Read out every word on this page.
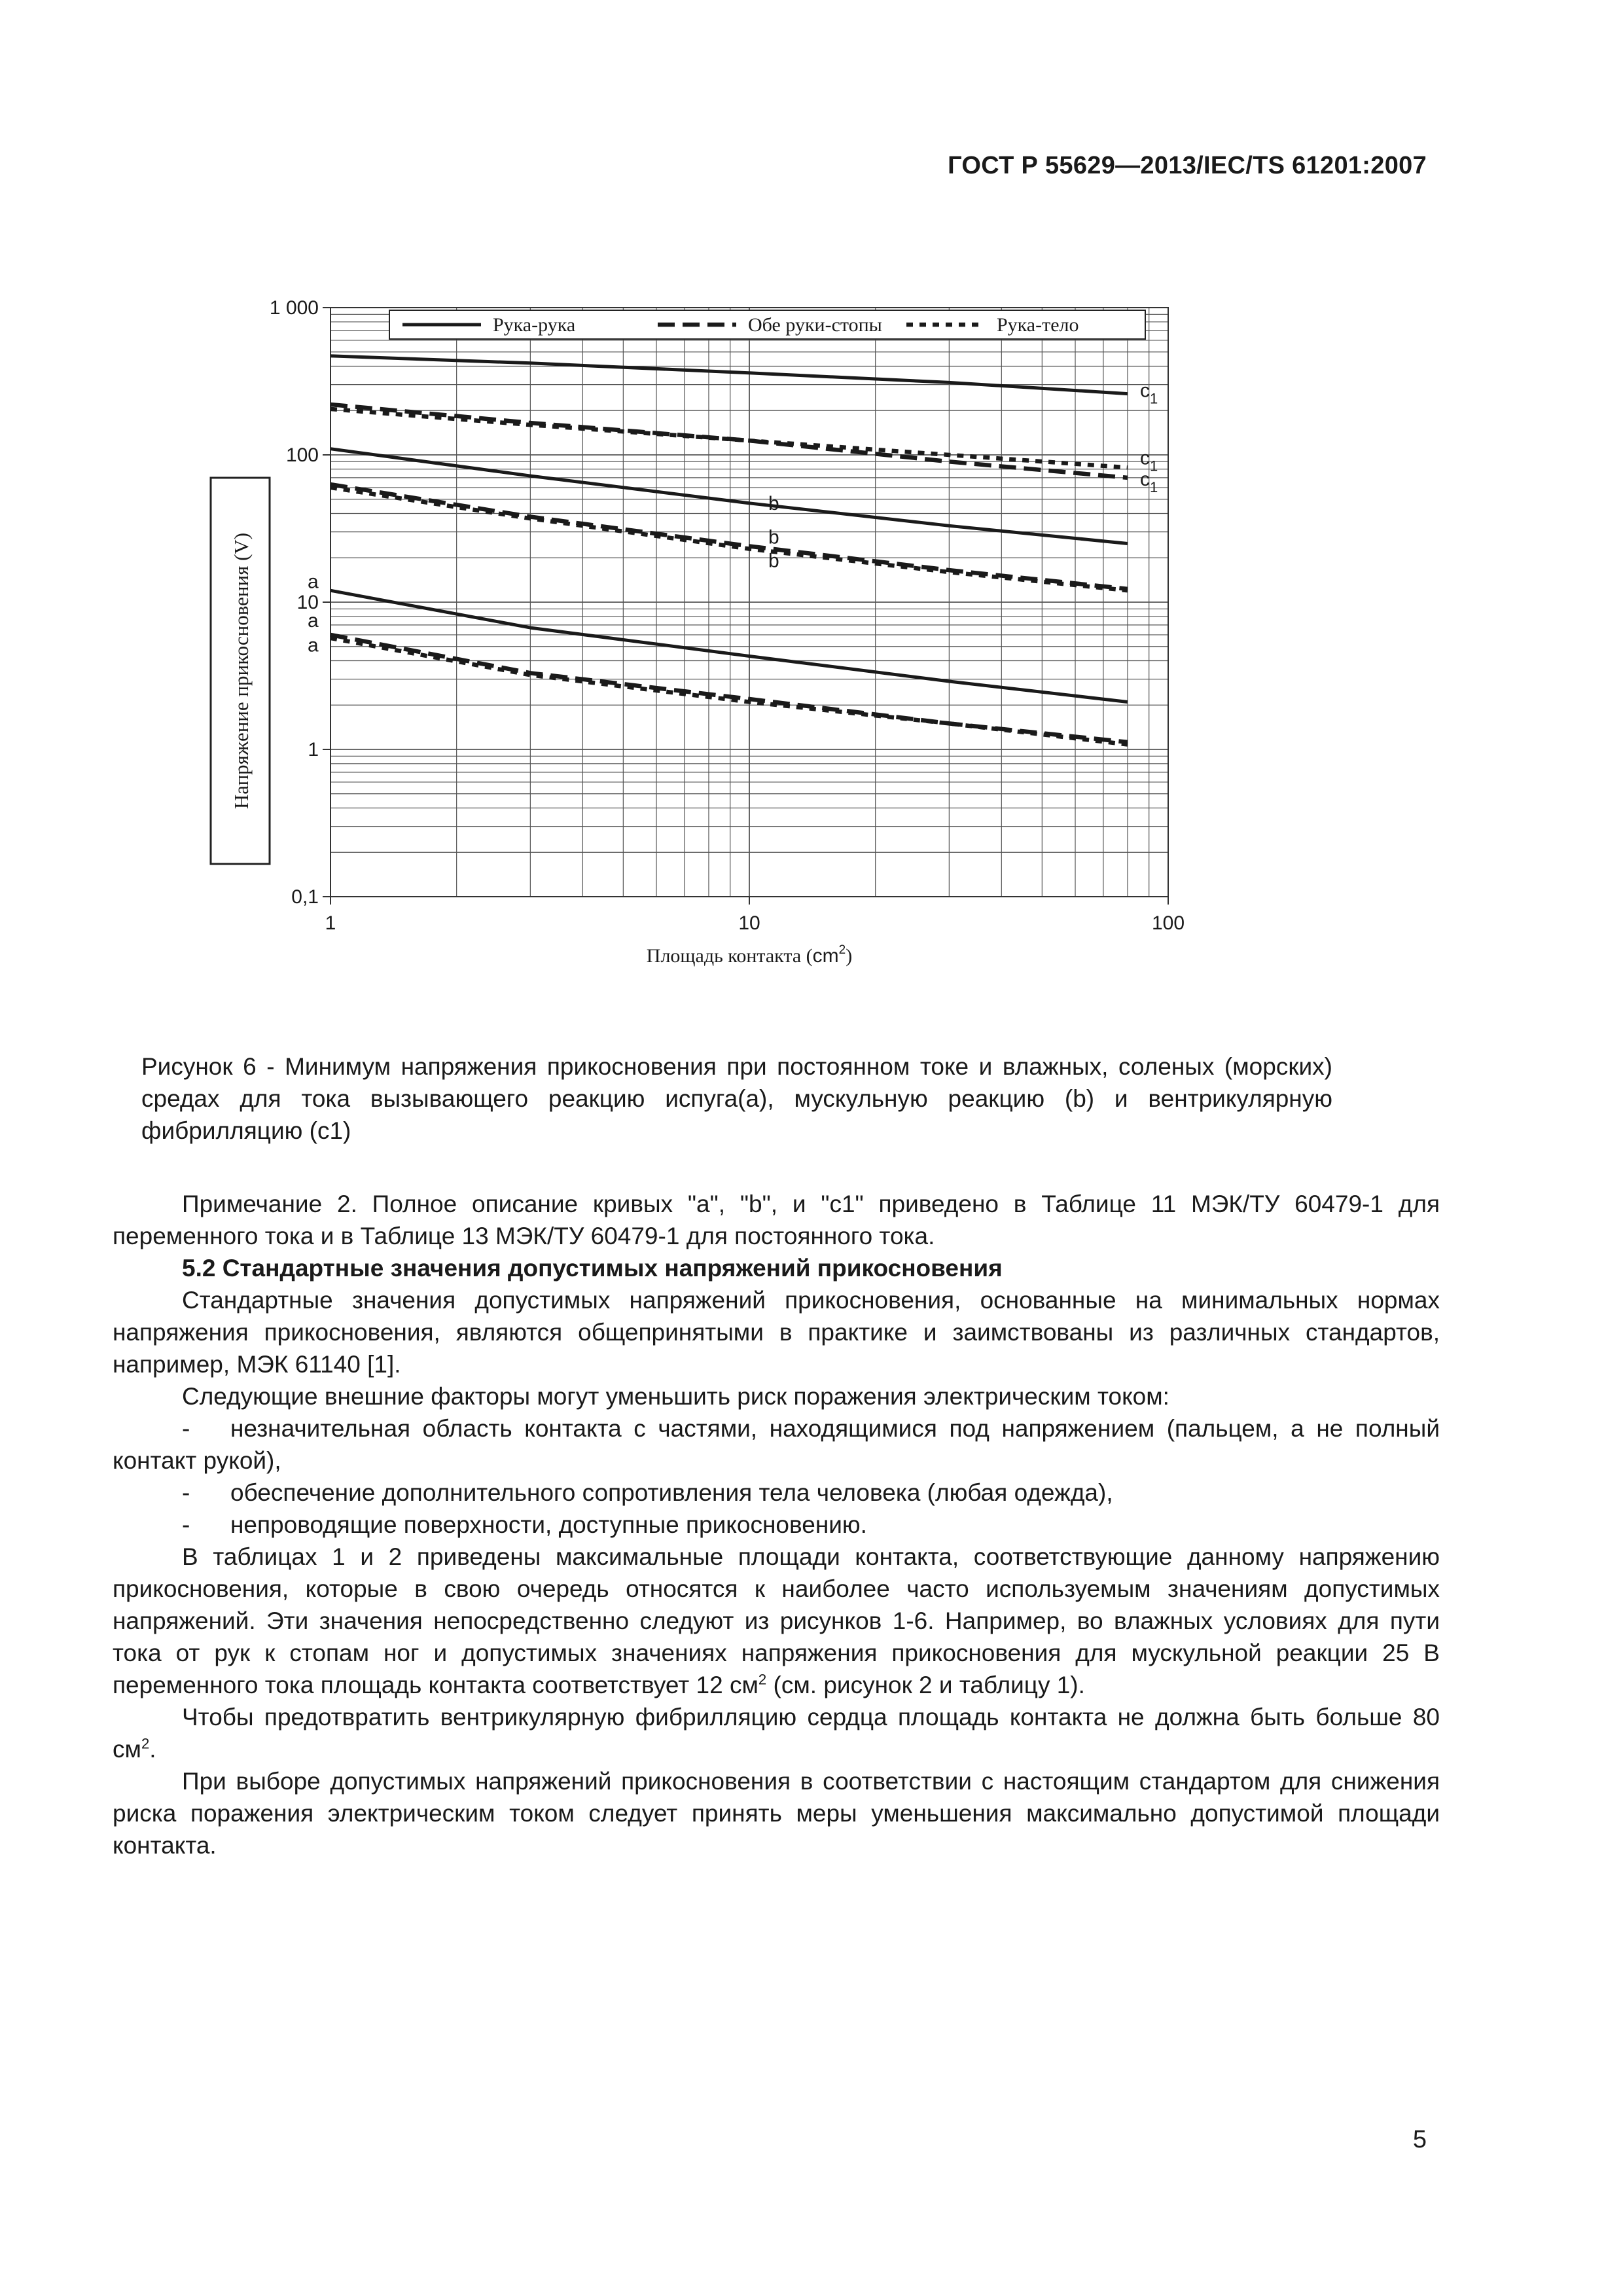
ГОСТ Р 55629—2013/IEC/TS 61201:2007
0,1
1
10
100
1 000
1	10	100
Площадь контакта $(cm^2)$
Напряжение прикосновения (V)
Рука-рука	Обе руки-стопы	Рука-тело
$c_1$
$c_1$
$c_1$
b
b
b
a
a
a
Рисунок 6 - Минимум напряжения прикосновения при постоянном токе и влажных, соленых (морских) средах для тока вызывающего реакцию испуга(а), мускульную реакцию (b) и вентрикулярную фибрилляцию (с1)

Примечание 2. Полное описание кривых "а", "b", и "с1" приведено в Таблице 11 МЭК/ТУ 60479-1 для переменного тока и в Таблице 13 МЭК/ТУ 60479-1 для постоянного тока.

5.2 Стандартные значения допустимых напряжений прикосновения

Стандартные значения допустимых напряжений прикосновения, основанные на минимальных нормах напряжения прикосновения, являются общепринятыми в практике и заимствованы из различных стандартов, например, МЭК 61140 [1].

Следующие внешние факторы могут уменьшить риск поражения электрическим током:

- незначительная область контакта с частями, находящимися под напряжением (пальцем, а не полный контакт рукой),

- обеспечение дополнительного сопротивления тела человека (любая одежда),

- непроводящие поверхности, доступные прикосновению.

В таблицах 1 и 2 приведены максимальные площади контакта, соответствующие данному напряжению прикосновения, которые в свою очередь относятся к наиболее часто используемым значениям допустимых напряжений. Эти значения непосредственно следуют из рисунков 1-6. Например, во влажных условиях для пути тока от рук к стопам ног и допустимых значениях напряжения прикосновения для мускульной реакции 25 В переменного тока площадь контакта соответствует 12 $см^2$ (см. рисунок 2 и таблицу 1).

Чтобы предотвратить вентрикулярную фибрилляцию сердца площадь контакта не должна быть больше 80 $см^2$.

При выборе допустимых напряжений прикосновения в соответствии с настоящим стандартом для снижения риска поражения электрическим током следует принять меры уменьшения максимально допустимой площади контакта.

5
